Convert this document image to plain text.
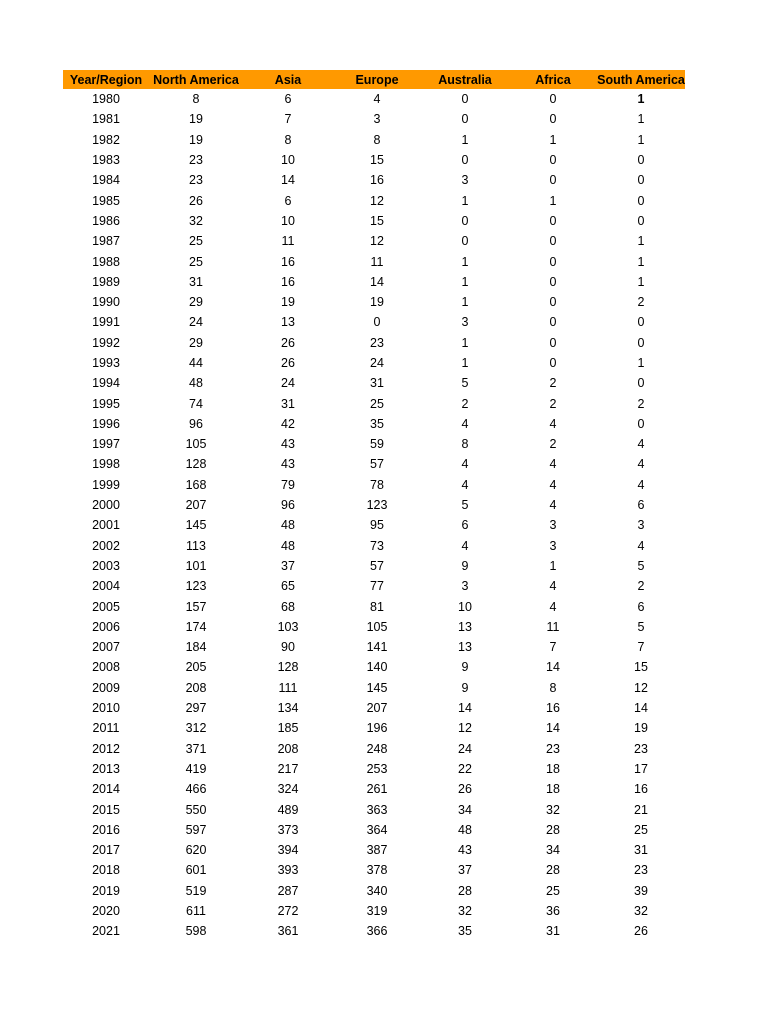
Year/Region	North America	Asia	Europe	Australia	Africa	South America
1980	8	6	4	0	0	1
1981	19	7	3	0	0	1
1982	19	8	8	1	1	1
1983	23	10	15	0	0	0
1984	23	14	16	3	0	0
1985	26	6	12	1	1	0
1986	32	10	15	0	0	0
1987	25	11	12	0	0	1
1988	25	16	11	1	0	1
1989	31	16	14	1	0	1
1990	29	19	19	1	0	2
1991	24	13	0	3	0	0
1992	29	26	23	1	0	0
1993	44	26	24	1	0	1
1994	48	24	31	5	2	0
1995	74	31	25	2	2	2
1996	96	42	35	4	4	0
1997	105	43	59	8	2	4
1998	128	43	57	4	4	4
1999	168	79	78	4	4	4
2000	207	96	123	5	4	6
2001	145	48	95	6	3	3
2002	113	48	73	4	3	4
2003	101	37	57	9	1	5
2004	123	65	77	3	4	2
2005	157	68	81	10	4	6
2006	174	103	105	13	11	5
2007	184	90	141	13	7	7
2008	205	128	140	9	14	15
2009	208	111	145	9	8	12
2010	297	134	207	14	16	14
2011	312	185	196	12	14	19
2012	371	208	248	24	23	23
2013	419	217	253	22	18	17
2014	466	324	261	26	18	16
2015	550	489	363	34	32	21
2016	597	373	364	48	28	25
2017	620	394	387	43	34	31
2018	601	393	378	37	28	23
2019	519	287	340	28	25	39
2020	611	272	319	32	36	32
2021	598	361	366	35	31	26
